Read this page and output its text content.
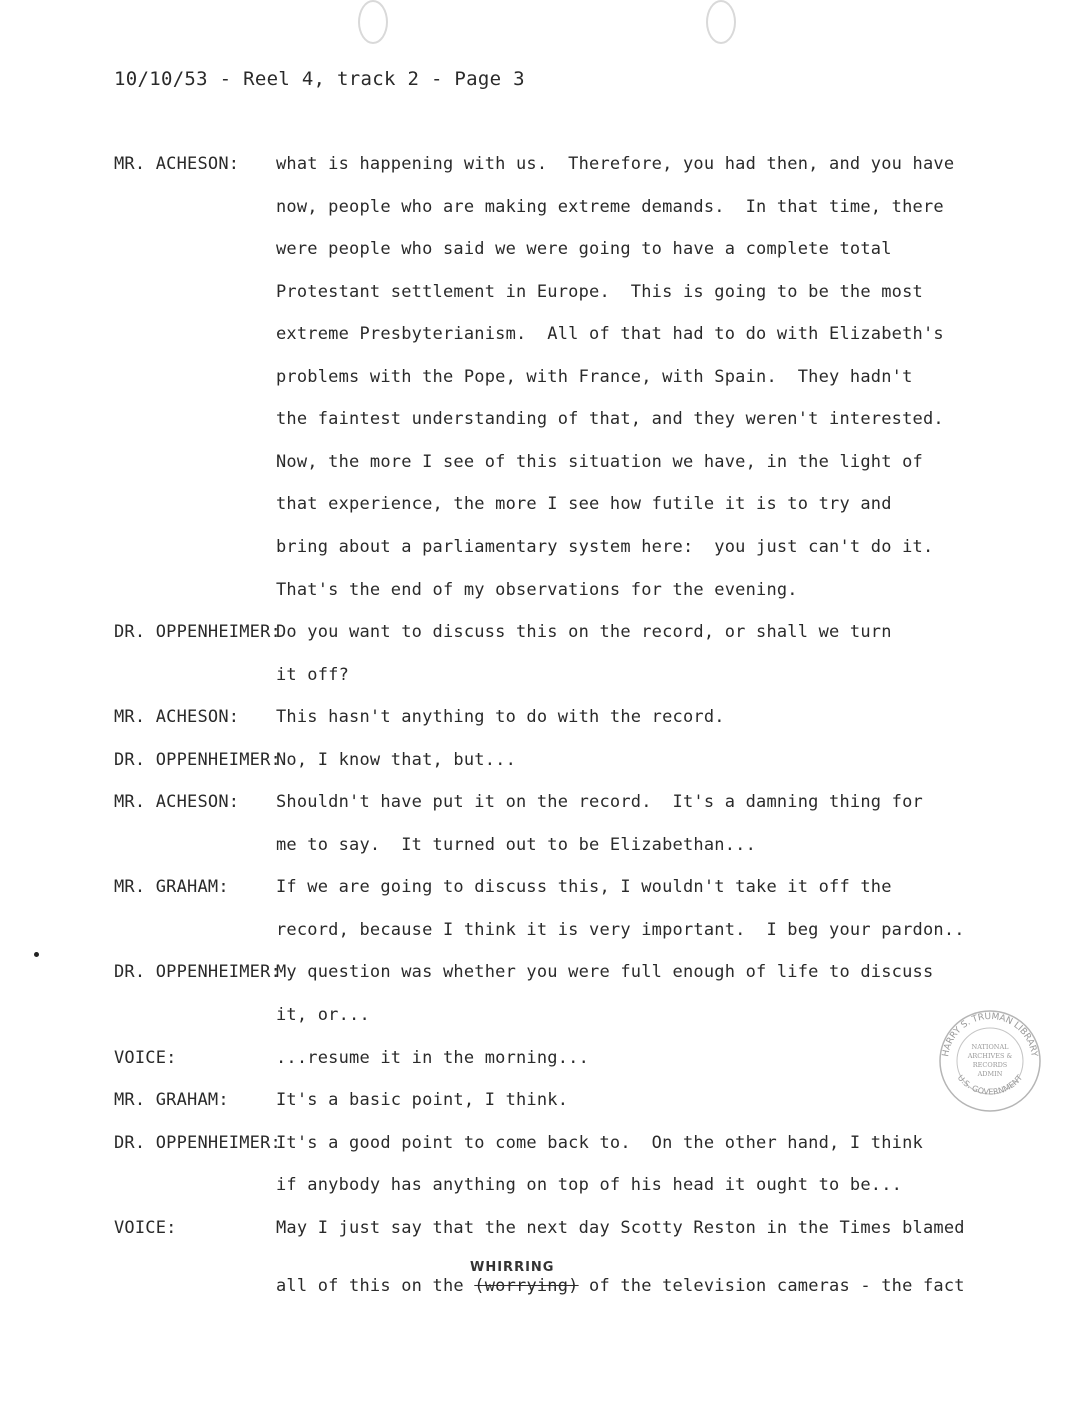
10/10/53 - Reel 4, track 2 - Page 3
MR. ACHESON: what is happening with us.  Therefore, you had then, and you have
now, people who are making extreme demands.  In that time, there
were people who said we were going to have a complete total
Protestant settlement in Europe.  This is going to be the most
extreme Presbyterianism.  All of that had to do with Elizabeth's
problems with the Pope, with France, with Spain.  They hadn't
the faintest understanding of that, and they weren't interested.
Now, the more I see of this situation we have, in the light of
that experience, the more I see how futile it is to try and
bring about a parliamentary system here:  you just can't do it.
That's the end of my observations for the evening.
DR. OPPENHEIMER:
Do you want to discuss this on the record, or shall we turn
it off?
MR. ACHESON: This hasn't anything to do with the record.
DR. OPPENHEIMER:
No, I know that, but...
MR. ACHESON: Shouldn't have put it on the record.  It's a damning thing for
me to say.  It turned out to be Elizabethan...
MR. GRAHAM:	If we are going to discuss this, I wouldn't take it off the
record, because I think it is very important.  I beg your pardon..
DR. OPPENHEIMER:
My question was whether you were full enough of life to discuss
it, or...
VOICE:	...resume it in the morning...
MR. GRAHAM:	It's a basic point, I think.
DR. OPPENHEIMER:
It's a good point to come back to.  On the other hand, I think
if anybody has anything on top of his head it ought to be...
VOICE:	May I just say that the next day Scotty Reston in the Times blamed
all of this on the (worrying) of the television cameras - the fact
WHIRRING
HARRY S. TRUMAN LIBRARY
U.S. GOVERNMENT
NATIONAL
ARCHIVES &
RECORDS
ADMIN
